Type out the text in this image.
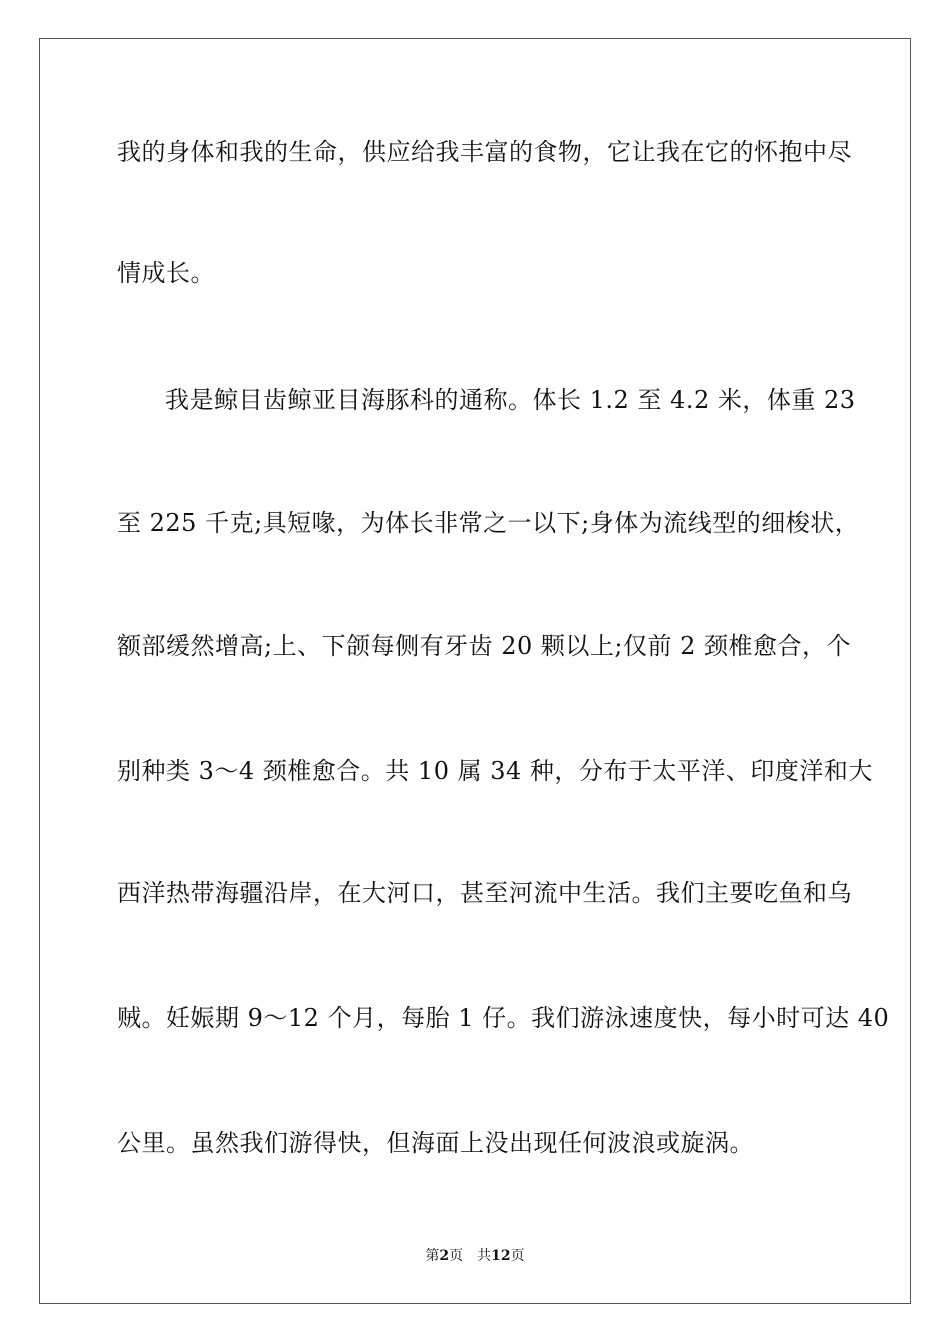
我的身体和我的生命，供应给我丰富的食物，它让我在它的怀抱中尽
情成长。
我是鲸目齿鲸亚目海豚科的通称。体长 1.2 至 4.2 米，体重 23
至 225 千克;具短喙，为体长非常之一以下;身体为流线型的细梭状，
额部缓然增高;上、下颌每侧有牙齿 20 颗以上;仅前 2 颈椎愈合，个
别种类 3～4 颈椎愈合。共 10 属 34 种，分布于太平洋、印度洋和大
西洋热带海疆沿岸，在大河口，甚至河流中生活。我们主要吃鱼和乌
贼。妊娠期 9～12 个月，每胎 1 仔。我们游泳速度快，每小时可达 40
公里。虽然我们游得快，但海面上没出现任何波浪或旋涡。
第2页 共12页
